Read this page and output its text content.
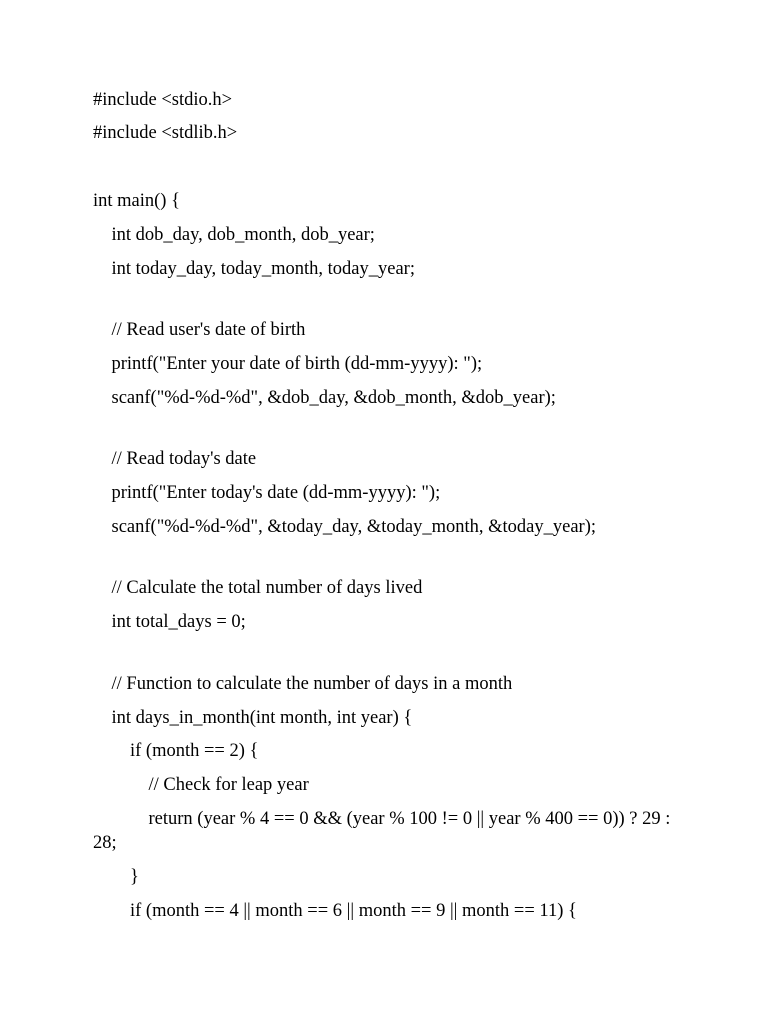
#include <stdio.h>

#include <stdlib.h>

int main() {

int dob_day, dob_month, dob_year;

int today_day, today_month, today_year;

// Read user's date of birth

printf("Enter your date of birth (dd-mm-yyyy): ");

scanf("%d-%d-%d", &dob_day, &dob_month, &dob_year);

// Read today's date

printf("Enter today's date (dd-mm-yyyy): ");

scanf("%d-%d-%d", &today_day, &today_month, &today_year);

// Calculate the total number of days lived

int total_days = 0;

// Function to calculate the number of days in a month

int days_in_month(int month, int year) {

if (month == 2) {

// Check for leap year

return (year % 4 == 0 && (year % 100 != 0 || year % 400 == 0)) ? 29 : 28;

}

if (month == 4 || month == 6 || month == 9 || month == 11) {
